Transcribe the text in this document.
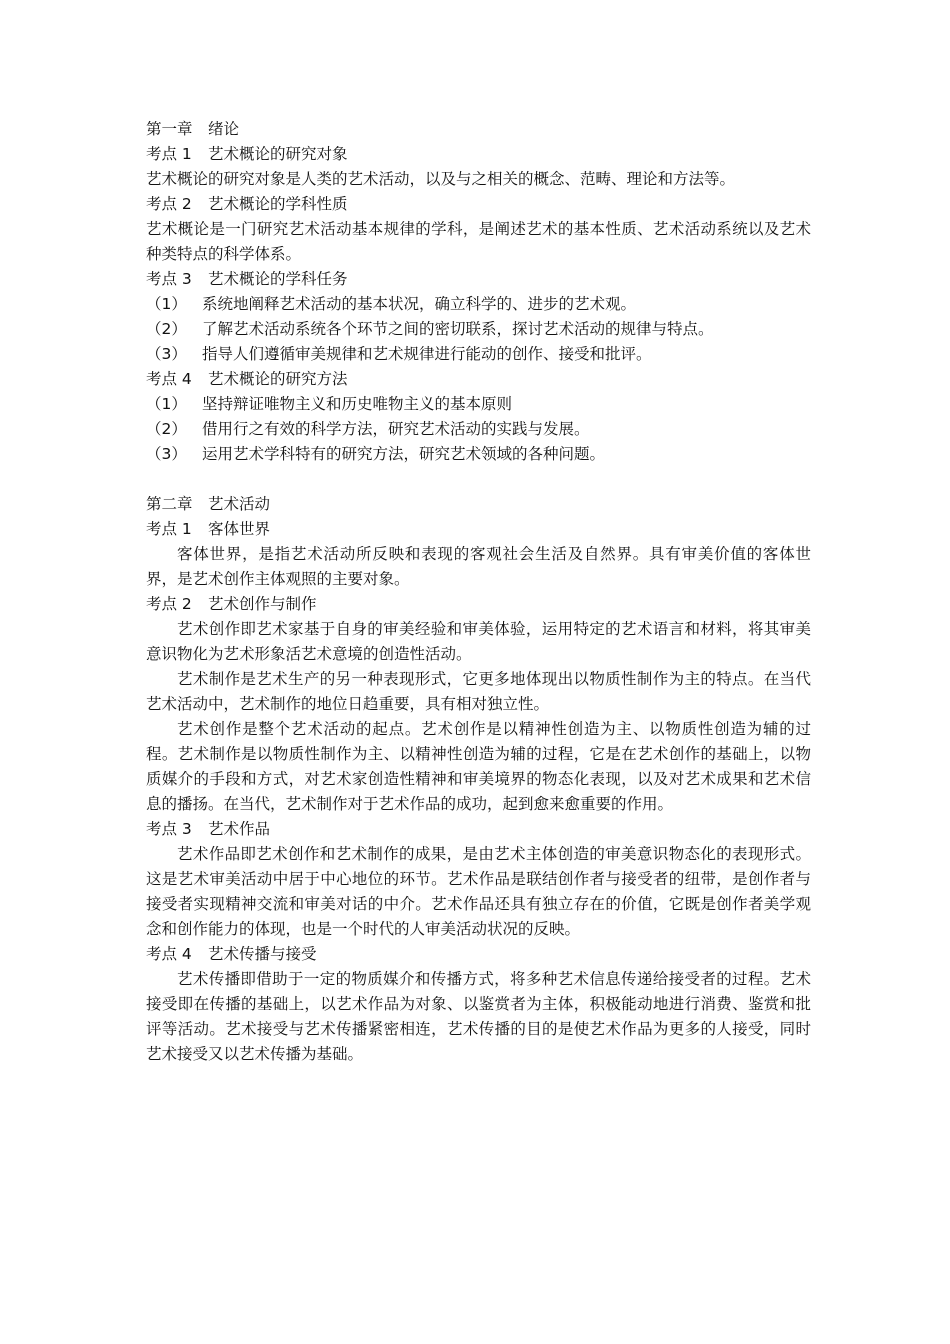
第一章 绪论

考点 1 艺术概论的研究对象

艺术概论的研究对象是人类的艺术活动，以及与之相关的概念、范畴、理论和方法等。

考点 2 艺术概论的学科性质

艺术概论是一门研究艺术活动基本规律的学科，是阐述艺术的基本性质、艺术活动系统以及艺术种类特点的科学体系。

考点 3 艺术概论的学科任务

（1） 系统地阐释艺术活动的基本状况，确立科学的、进步的艺术观。

（2） 了解艺术活动系统各个环节之间的密切联系，探讨艺术活动的规律与特点。

（3） 指导人们遵循审美规律和艺术规律进行能动的创作、接受和批评。

考点 4 艺术概论的研究方法

（1） 坚持辩证唯物主义和历史唯物主义的基本原则

（2） 借用行之有效的科学方法，研究艺术活动的实践与发展。

（3） 运用艺术学科特有的研究方法，研究艺术领域的各种问题。

第二章 艺术活动

考点 1 客体世界

客体世界，是指艺术活动所反映和表现的客观社会生活及自然界。具有审美价值的客体世界，是艺术创作主体观照的主要对象。

考点 2 艺术创作与制作

艺术创作即艺术家基于自身的审美经验和审美体验，运用特定的艺术语言和材料，将其审美意识物化为艺术形象活艺术意境的创造性活动。

艺术制作是艺术生产的另一种表现形式，它更多地体现出以物质性制作为主的特点。在当代艺术活动中，艺术制作的地位日趋重要，具有相对独立性。

艺术创作是整个艺术活动的起点。艺术创作是以精神性创造为主、以物质性创造为辅的过程。艺术制作是以物质性制作为主、以精神性创造为辅的过程，它是在艺术创作的基础上，以物质媒介的手段和方式，对艺术家创造性精神和审美境界的物态化表现，以及对艺术成果和艺术信息的播扬。在当代，艺术制作对于艺术作品的成功，起到愈来愈重要的作用。

考点 3 艺术作品

艺术作品即艺术创作和艺术制作的成果，是由艺术主体创造的审美意识物态化的表现形式。这是艺术审美活动中居于中心地位的环节。艺术作品是联结创作者与接受者的纽带，是创作者与接受者实现精神交流和审美对话的中介。艺术作品还具有独立存在的价值，它既是创作者美学观念和创作能力的体现，也是一个时代的人审美活动状况的反映。

考点 4 艺术传播与接受

艺术传播即借助于一定的物质媒介和传播方式，将多种艺术信息传递给接受者的过程。艺术接受即在传播的基础上，以艺术作品为对象、以鉴赏者为主体，积极能动地进行消费、鉴赏和批评等活动。艺术接受与艺术传播紧密相连，艺术传播的目的是使艺术作品为更多的人接受，同时艺术接受又以艺术传播为基础。
